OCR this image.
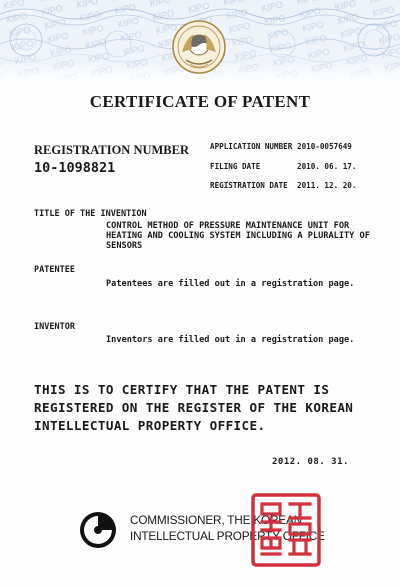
CERTIFICATE OF PATENT
REGISTRATION NUMBER
10-1098821
APPLICATION NUMBER 2010-0057649
FILING DATE	2010. 06. 17.
REGISTRATION DATE	2011. 12. 20.
TITLE OF THE INVENTION
CONTROL METHOD OF PRESSURE MAINTENANCE UNIT FOR
HEATING AND COOLING SYSTEM INCLUDING A PLURALITY OF
SENSORS
PATENTEE
Patentees are filled out in a registration page.
INVENTOR
Inventors are filled out in a registration page.
THIS IS TO CERTIFY THAT THE PATENT IS
REGISTERED ON THE REGISTER OF THE KOREAN
INTELLECTUAL PROPERTY OFFICE.
2012. 08. 31.
COMMISSIONER, THE KOREAN
INTELLECTUAL PROPERTY OFFICE
